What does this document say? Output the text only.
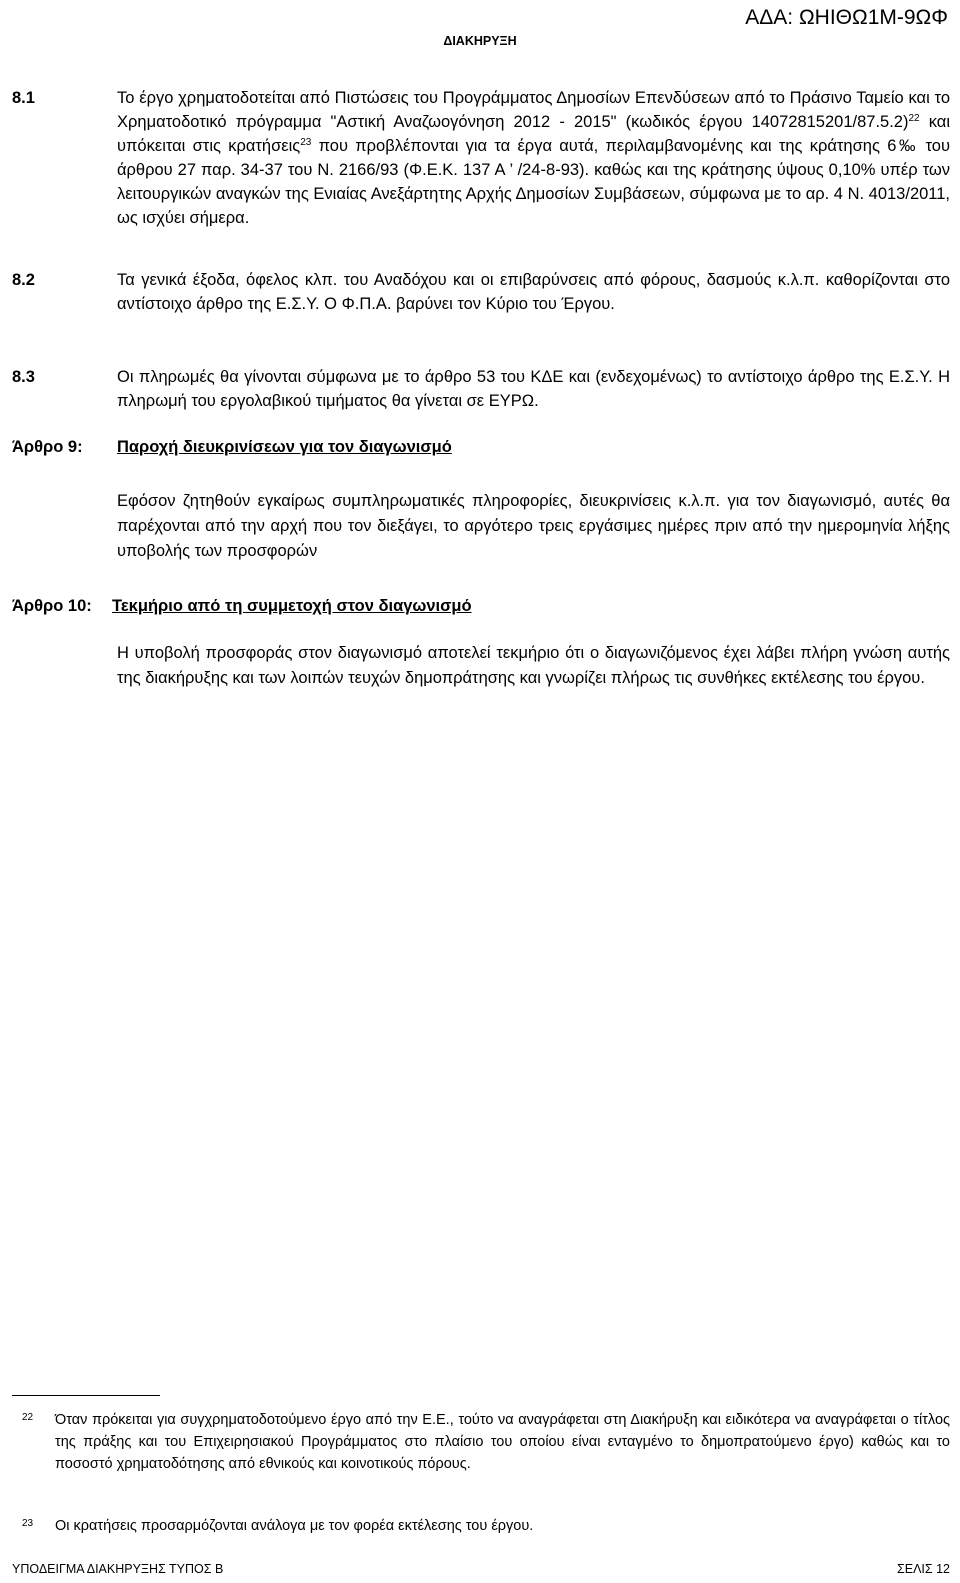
ΑΔΑ: ΩΗΙΘΩ1Μ-9ΩΦ
ΔΙΑΚΗΡΥΞΗ
8.1	Το έργο χρηματοδοτείται από Πιστώσεις του Προγράμματος Δημοσίων Επενδύσεων από το Πράσινο Ταμείο και το Χρηματοδοτικό πρόγραμμα "Αστική Αναζωογόνηση 2012 - 2015" (κωδικός έργου 14072815201/87.5.2)$^{22}$ και υπόκειται στις κρατήσεις$^{23}$ που προβλέπονται για τα έργα αυτά, περιλαμβανομένης και της κράτησης 6‰ του άρθρου 27 παρ. 34-37 του Ν. 2166/93 (Φ.Ε.Κ. 137 Α ’ /24-8-93). καθώς και της κράτησης ύψους 0,10% υπέρ των λειτουργικών αναγκών της Ενιαίας Ανεξάρτητης Αρχής Δημοσίων Συμβάσεων, σύμφωνα με το αρ. 4 Ν. 4013/2011, ως ισχύει σήμερα.
8.2	Τα γενικά έξοδα, όφελος κλπ. του Αναδόχου και οι επιβαρύνσεις από φόρους, δασμούς κ.λ.π. καθορίζονται στο αντίστοιχο άρθρο της Ε.Σ.Υ. Ο Φ.Π.Α. βαρύνει τον Κύριο του Έργου.
8.3	Οι πληρωμές θα γίνονται σύμφωνα με το άρθρο 53 του ΚΔΕ και (ενδεχομένως) το αντίστοιχο άρθρο της Ε.Σ.Υ. Η πληρωμή του εργολαβικού τιμήματος θα γίνεται σε ΕΥΡΩ.
Άρθρο 9: Παροχή διευκρινίσεων για τον διαγωνισμό
Εφόσον ζητηθούν εγκαίρως συμπληρωματικές πληροφορίες, διευκρινίσεις κ.λ.π. για τον διαγωνισμό, αυτές θα παρέχονται από την αρχή που τον διεξάγει, το αργότερο τρεις εργάσιμες ημέρες πριν από την ημερομηνία λήξης υποβολής των προσφορών
Άρθρο 10: Τεκμήριο από τη συμμετοχή στον διαγωνισμό
Η υποβολή προσφοράς στον διαγωνισμό αποτελεί τεκμήριο ότι ο διαγωνιζόμενος έχει λάβει πλήρη γνώση αυτής της διακήρυξης και των λοιπών τευχών δημοπράτησης και γνωρίζει πλήρως τις συνθήκες εκτέλεσης του έργου.
22 Όταν πρόκειται για συγχρηματοδοτούμενο έργο από την Ε.Ε., τούτο να αναγράφεται στη Διακήρυξη και ειδικότερα να αναγράφεται ο τίτλος της πράξης και του Επιχειρησιακού Προγράμματος στο πλαίσιο του οποίου είναι ενταγμένο το δημοπρατούμενο έργο) καθώς και το ποσοστό χρηματοδότησης από εθνικούς και κοινοτικούς πόρους.
23 Οι κρατήσεις προσαρμόζονται ανάλογα με τον φορέα εκτέλεσης του έργου.
ΥΠΟΔΕΙΓΜΑ ΔΙΑΚΗΡΥΞΗΣ ΤΥΠΟΣ Β	ΣΕΛΙΣ 12
